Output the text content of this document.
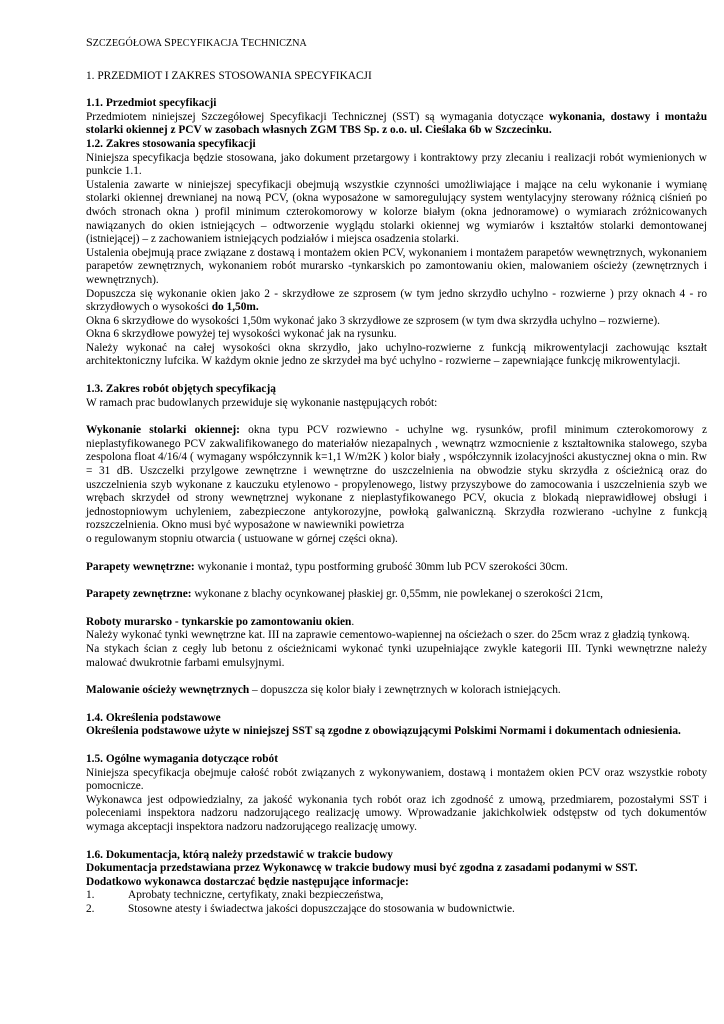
SZCZEGÓŁOWA SPECYFIKACJA TECHNICZNA

1. PRZEDMIOT I ZAKRES STOSOWANIA SPECYFIKACJI

1.1. Przedmiot specyfikacji

Przedmiotem niniejszej Szczegółowej Specyfikacji Technicznej (SST) są wymagania dotyczące wykonania, dostawy i montażu stolarki okiennej z PCV w zasobach własnych ZGM TBS Sp. z o.o. ul. Cieślaka 6b w Szczecinku.

1.2. Zakres stosowania specyfikacji

Niniejsza specyfikacja będzie stosowana, jako dokument przetargowy i kontraktowy przy zlecaniu i realizacji robót wymienionych w punkcie 1.1.

Ustalenia zawarte w niniejszej specyfikacji obejmują wszystkie czynności umożliwiające i mające na celu wykonanie i wymianę stolarki okiennej drewnianej na nową PCV, (okna wyposażone w samoregulujący system wentylacyjny sterowany różnicą ciśnień po dwóch stronach okna ) profil minimum czterokomorowy w kolorze białym (okna jednoramowe) o wymiarach zróżnicowanych nawiązanych do okien istniejących – odtworzenie wyglądu stolarki okiennej wg wymiarów i kształtów stolarki demontowanej (istniejącej) – z zachowaniem istniejących podziałów i miejsca osadzenia stolarki.

Ustalenia obejmują prace związane z dostawą i montażem okien PCV, wykonaniem i montażem parapetów wewnętrznych, wykonaniem parapetów zewnętrznych, wykonaniem robót murarsko -tynkarskich po zamontowaniu okien, malowaniem ościeży (zewnętrznych i wewnętrznych).

Dopuszcza się wykonanie okien jako 2 - skrzydłowe ze szprosem (w tym jedno skrzydło uchylno - rozwierne ) przy oknach 4 - ro skrzydłowych o wysokości do 1,50m.

Okna 6 skrzydłowe do wysokości 1,50m wykonać jako 3 skrzydłowe ze szprosem (w tym dwa skrzydła uchylno – rozwierne).

Okna 6 skrzydłowe powyżej tej wysokości wykonać jak na rysunku.

Należy wykonać na całej wysokości okna skrzydło, jako uchylno-rozwierne z funkcją mikrowentylacji zachowując kształt architektoniczny lufcika. W każdym oknie jedno ze skrzydeł ma być uchylno - rozwierne – zapewniające funkcję mikrowentylacji.

1.3. Zakres robót objętych specyfikacją

W ramach prac budowlanych przewiduje się wykonanie następujących robót:

Wykonanie stolarki okiennej: okna typu PCV rozwiewno - uchylne wg. rysunków, profil minimum czterokomorowy z nieplastyfikowanego PCV zakwalifikowanego do materiałów niezapalnych , wewnątrz wzmocnienie z kształtownika stalowego, szyba zespolona float 4/16/4 ( wymagany współczynnik k=1,1 W/m2K ) kolor biały , współczynnik izolacyjności akustycznej okna o min. Rw = 31 dB. Uszczelki przylgowe zewnętrzne i wewnętrzne do uszczelnienia na obwodzie styku skrzydła z ościeżnicą oraz do uszczelnienia szyb wykonane z kauczuku etylenowo - propylenowego, listwy przyszybowe do zamocowania i uszczelnienia szyb we wrębach skrzydeł od strony wewnętrznej wykonane z nieplastyfikowanego PCV, okucia z blokadą nieprawidłowej obsługi i jednostopniowym uchyleniem, zabezpieczone antykorozyjne, powłoką galwaniczną. Skrzydła rozwierano -uchylne z funkcją rozszczelnienia. Okno musi być wyposażone w nawiewniki powietrza

o regulowanym stopniu otwarcia ( ustuowane w górnej części okna).

Parapety wewnętrzne: wykonanie i montaż, typu postforming grubość 30mm lub PCV szerokości 30cm.

Parapety zewnętrzne: wykonane z blachy ocynkowanej płaskiej gr. 0,55mm, nie powlekanej o szerokości 21cm,

Roboty murarsko - tynkarskie po zamontowaniu okien.

Należy wykonać tynki wewnętrzne kat. III na zaprawie cementowo-wapiennej na ościeżach o szer. do 25cm wraz z gładzią tynkową.

Na stykach ścian z cegły lub betonu z ościeżnicami wykonać tynki uzupełniające zwykle kategorii III. Tynki wewnętrzne należy malować dwukrotnie farbami emulsyjnymi.

Malowanie ościeży wewnętrznych – dopuszcza się kolor biały i zewnętrznych w kolorach istniejących.

1.4. Określenia podstawowe

Określenia podstawowe użyte w niniejszej SST są zgodne z obowiązującymi Polskimi Normami i dokumentach odniesienia.

1.5. Ogólne wymagania dotyczące robót

Niniejsza specyfikacja obejmuje całość robót związanych z wykonywaniem, dostawą i montażem okien PCV oraz wszystkie roboty pomocnicze.

Wykonawca jest odpowiedzialny, za jakość wykonania tych robót oraz ich zgodność z umową, przedmiarem, pozostałymi SST i poleceniami inspektora nadzoru nadzorującego realizację umowy. Wprowadzanie jakichkolwiek odstępstw od tych dokumentów wymaga akceptacji inspektora nadzoru nadzorującego realizację umowy.

1.6. Dokumentacja, którą należy przedstawić w trakcie budowy

Dokumentacja przedstawiana przez Wykonawcę w trakcie budowy musi być zgodna z zasadami podanymi w SST.

Dodatkowo wykonawca dostarczać będzie następujące informacje:

1.	Aprobaty techniczne, certyfikaty, znaki bezpieczeństwa,
2.	Stosowne atesty i świadectwa jakości dopuszczające do stosowania w budownictwie.
